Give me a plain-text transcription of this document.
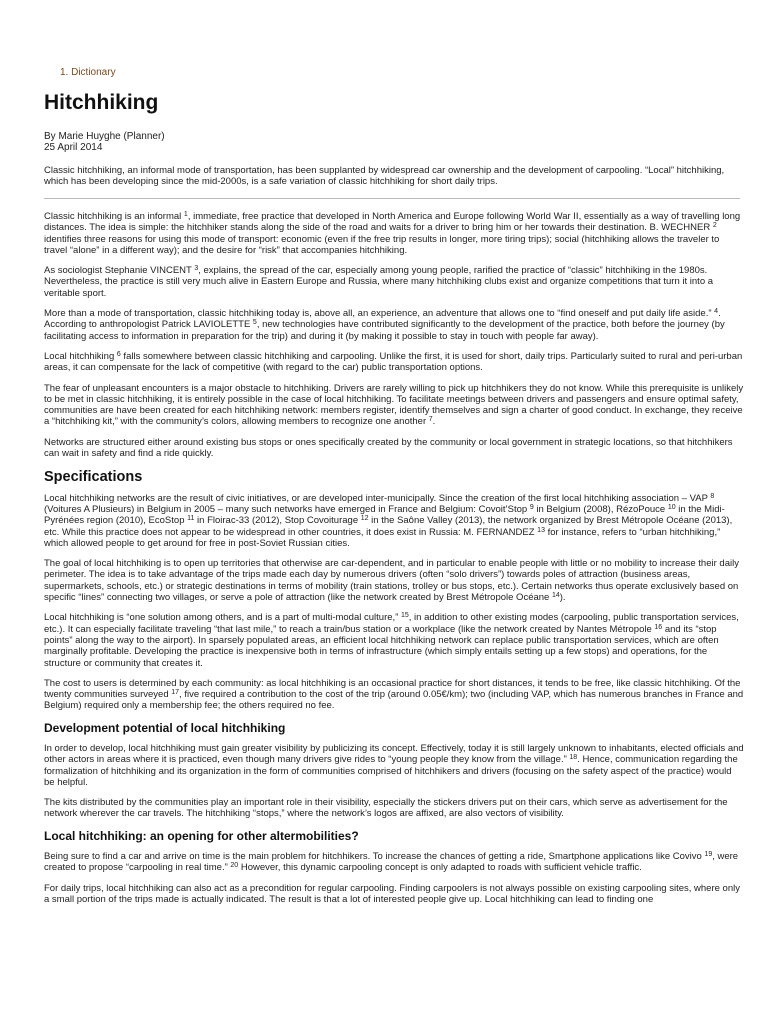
1. Dictionary
Hitchhiking
By Marie Huyghe (Planner)
25 April 2014

Classic hitchhiking, an informal mode of transportation, has been supplanted by widespread car ownership and the development of carpooling. “Local” hitchhiking, which has been developing since the mid-2000s, is a safe variation of classic hitchhiking for short daily trips.

Classic hitchhiking is an informal $^1$, immediate, free practice that developed in North America and Europe following World War II, essentially as a way of travelling long distances. The idea is simple: the hitchhiker stands along the side of the road and waits for a driver to bring him or her towards their destination. B. WECHNER $^2$ identifies three reasons for using this mode of transport: economic (even if the free trip results in longer, more tiring trips); social (hitchhiking allows the traveler to travel “alone” in a different way); and the desire for “risk” that accompanies hitchhiking.

As sociologist Stephanie VINCENT $^3$, explains, the spread of the car, especially among young people, rarified the practice of “classic” hitchhiking in the 1980s. Nevertheless, the practice is still very much alive in Eastern Europe and Russia, where many hitchhiking clubs exist and organize competitions that turn it into a veritable sport.

More than a mode of transportation, classic hitchhiking today is, above all, an experience, an adventure that allows one to “find oneself and put daily life aside.” $^4$. According to anthropologist Patrick LAVIOLETTE $^5$, new technologies have contributed significantly to the development of the practice, both before the journey (by facilitating access to information in preparation for the trip) and during it (by making it possible to stay in touch with people far away).

Local hitchhiking $^6$ falls somewhere between classic hitchhiking and carpooling. Unlike the first, it is used for short, daily trips. Particularly suited to rural and peri-urban areas, it can compensate for the lack of competitive (with regard to the car) public transportation options.

The fear of unpleasant encounters is a major obstacle to hitchhiking. Drivers are rarely willing to pick up hitchhikers they do not know. While this prerequisite is unlikely to be met in classic hitchhiking, it is entirely possible in the case of local hitchhiking. To facilitate meetings between drivers and passengers and ensure optimal safety, communities are have been created for each hitchhiking network: members register, identify themselves and sign a charter of good conduct. In exchange, they receive a “hitchhiking kit,” with the community’s colors, allowing members to recognize one another $^7$.

Networks are structured either around existing bus stops or ones specifically created by the community or local government in strategic locations, so that hitchhikers can wait in safety and find a ride quickly.

Specifications

Local hitchhiking networks are the result of civic initiatives, or are developed inter-municipally. Since the creation of the first local hitchhiking association – VAP $^8$ (Voitures A Plusieurs) in Belgium in 2005 – many such networks have emerged in France and Belgium: Covoit’Stop $^9$ in Belgium (2008), RézoPouce $^{10}$ in the Midi-Pyrénées region (2010), EcoStop $^{11}$ in Floirac-33 (2012), Stop Covoiturage $^{12}$ in the Saône Valley (2013), the network organized by Brest Métropole Océane (2013), etc. While this practice does not appear to be widespread in other countries, it does exist in Russia: M. FERNANDEZ $^{13}$ for instance, refers to “urban hitchhiking,” which allowed people to get around for free in post-Soviet Russian cities.

The goal of local hitchhiking is to open up territories that otherwise are car-dependent, and in particular to enable people with little or no mobility to increase their daily perimeter. The idea is to take advantage of the trips made each day by numerous drivers (often “solo drivers”) towards poles of attraction (business areas, supermarkets, schools, etc.) or strategic destinations in terms of mobility (train stations, trolley or bus stops, etc.). Certain networks thus operate exclusively based on specific “lines” connecting two villages, or serve a pole of attraction (like the network created by Brest Métropole Océane $^{14}$).

Local hitchhiking is “one solution among others, and is a part of multi-modal culture,” $^{15}$, in addition to other existing modes (carpooling, public transportation services, etc.). It can especially facilitate traveling “that last mile,” to reach a train/bus station or a workplace (like the network created by Nantes Métropole $^{16}$ and its “stop points” along the way to the airport). In sparsely populated areas, an efficient local hitchhiking network can replace public transportation services, which are often marginally profitable. Developing the practice is inexpensive both in terms of infrastructure (which simply entails setting up a few stops) and operations, for the structure or community that creates it.

The cost to users is determined by each community: as local hitchhiking is an occasional practice for short distances, it tends to be free, like classic hitchhiking. Of the twenty communities surveyed $^{17}$, five required a contribution to the cost of the trip (around 0.05€/km); two (including VAP, which has numerous branches in France and Belgium) required only a membership fee; the others required no fee.

Development potential of local hitchhiking

In order to develop, local hitchhiking must gain greater visibility by publicizing its concept. Effectively, today it is still largely unknown to inhabitants, elected officials and other actors in areas where it is practiced, even though many drivers give rides to “young people they know from the village.” $^{18}$. Hence, communication regarding the formalization of hitchhiking and its organization in the form of communities comprised of hitchhikers and drivers (focusing on the safety aspect of the practice) would be helpful.

The kits distributed by the communities play an important role in their visibility, especially the stickers drivers put on their cars, which serve as advertisement for the network wherever the car travels. The hitchhiking “stops,” where the network’s logos are affixed, are also vectors of visibility.

Local hitchhiking: an opening for other altermobilities?

Being sure to find a car and arrive on time is the main problem for hitchhikers. To increase the chances of getting a ride, Smartphone applications like Covivo $^{19}$, were created to propose “carpooling in real time.” $^{20}$ However, this dynamic carpooling concept is only adapted to roads with sufficient vehicle traffic.

For daily trips, local hitchhiking can also act as a precondition for regular carpooling. Finding carpoolers is not always possible on existing carpooling sites, where only a small portion of the trips made is actually indicated. The result is that a lot of interested people give up. Local hitchhiking can lead to finding one
